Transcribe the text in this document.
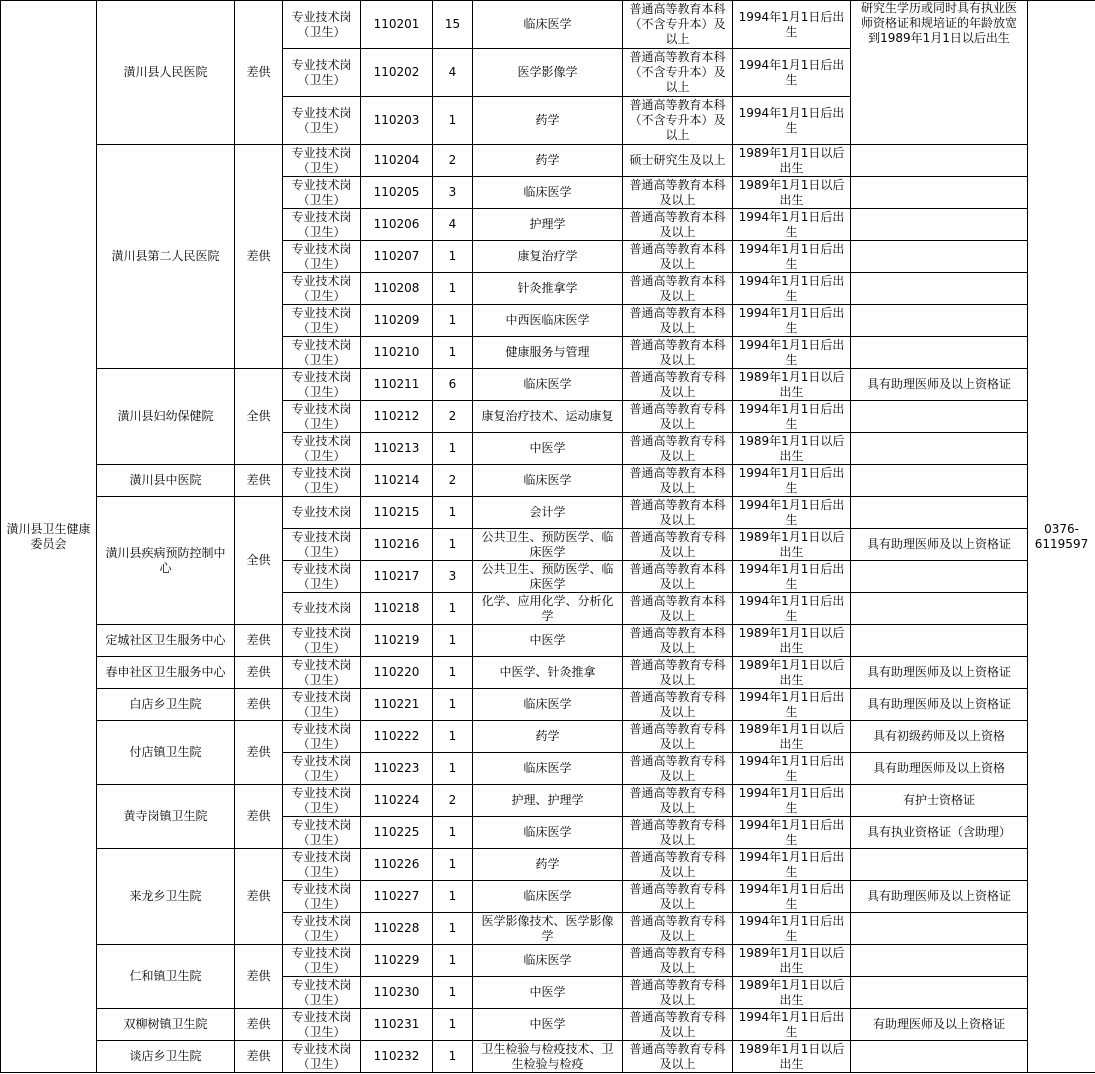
潢川县卫生健康委员会	潢川县人民医院	差供	专业技术岗
（卫生）	110201	15	临床医学	普通高等教育本科
（不含专升本）及
以上	1994年1月1日后出
生	研究生学历或同时具有执业医
师资格证和规培证的年龄放宽
到1989年1月1日以后出生	0376-
6119597
			专业技术岗
（卫生）	110202	4	医学影像学	普通高等教育本科
（不含专升本）及
以上	1994年1月1日后出
生		
			专业技术岗
（卫生）	110203	1	药学	普通高等教育本科
（不含专升本）及
以上	1994年1月1日后出
生		
	潢川县第二人民医院	差供	专业技术岗
（卫生）	110204	2	药学	硕士研究生及以上	1989年1月1日以后
出生		
			专业技术岗
（卫生）	110205	3	临床医学	普通高等教育本科
及以上	1989年1月1日以后
出生		
			专业技术岗
（卫生）	110206	4	护理学	普通高等教育本科
及以上	1994年1月1日后出
生		
			专业技术岗
（卫生）	110207	1	康复治疗学	普通高等教育本科
及以上	1994年1月1日后出
生		
			专业技术岗
（卫生）	110208	1	针灸推拿学	普通高等教育本科
及以上	1994年1月1日后出
生		
			专业技术岗
（卫生）	110209	1	中西医临床医学	普通高等教育本科
及以上	1994年1月1日后出
生		
			专业技术岗
（卫生）	110210	1	健康服务与管理	普通高等教育本科
及以上	1994年1月1日后出
生		
	潢川县妇幼保健院	全供	专业技术岗
（卫生）	110211	6	临床医学	普通高等教育专科
及以上	1989年1月1日以后
出生	具有助理医师及以上资格证	
			专业技术岗
（卫生）	110212	2	康复治疗技术、运动康复	普通高等教育专科
及以上	1994年1月1日后出
生		
			专业技术岗
（卫生）	110213	1	中医学	普通高等教育专科
及以上	1989年1月1日以后
出生		
	潢川县中医院	差供	专业技术岗
（卫生）	110214	2	临床医学	普通高等教育本科
及以上	1994年1月1日后出
生		
	潢川县疾病预防控制中
心	全供	专业技术岗	110215	1	会计学	普通高等教育本科
及以上	1994年1月1日后出
生		
			专业技术岗
（卫生）	110216	1	公共卫生、预防医学、临
床医学	普通高等教育专科
及以上	1989年1月1日以后
出生	具有助理医师及以上资格证	
			专业技术岗
（卫生）	110217	3	公共卫生、预防医学、临
床医学	普通高等教育本科
及以上	1994年1月1日后出
生		
			专业技术岗	110218	1	化学、应用化学、分析化
学	普通高等教育本科
及以上	1994年1月1日后出
生		
	定城社区卫生服务中心	差供	专业技术岗
（卫生）	110219	1	中医学	普通高等教育本科
及以上	1989年1月1日以后
出生		
	春申社区卫生服务中心	差供	专业技术岗
（卫生）	110220	1	中医学、针灸推拿	普通高等教育专科
及以上	1989年1月1日以后
出生	具有助理医师及以上资格证	
	白店乡卫生院	差供	专业技术岗
（卫生）	110221	1	临床医学	普通高等教育专科
及以上	1994年1月1日后出
生	具有助理医师及以上资格证	
	付店镇卫生院	差供	专业技术岗
（卫生）	110222	1	药学	普通高等教育专科
及以上	1989年1月1日以后
出生	具有初级药师及以上资格	
			专业技术岗
（卫生）	110223	1	临床医学	普通高等教育专科
及以上	1994年1月1日后出
生	具有助理医师及以上资格	
	黄寺岗镇卫生院	差供	专业技术岗
（卫生）	110224	2	护理、护理学	普通高等教育专科
及以上	1994年1月1日后出
生	有护士资格证	
			专业技术岗
（卫生）	110225	1	临床医学	普通高等教育专科
及以上	1994年1月1日后出
生	具有执业资格证（含助理）	
	来龙乡卫生院	差供	专业技术岗
（卫生）	110226	1	药学	普通高等教育专科
及以上	1994年1月1日后出
生		
			专业技术岗
（卫生）	110227	1	临床医学	普通高等教育专科
及以上	1994年1月1日后出
生	具有助理医师及以上资格证	
			专业技术岗
（卫生）	110228	1	医学影像技术、医学影像
学	普通高等教育专科
及以上	1994年1月1日后出
生		
	仁和镇卫生院	差供	专业技术岗
（卫生）	110229	1	临床医学	普通高等教育专科
及以上	1989年1月1日以后
出生		
			专业技术岗
（卫生）	110230	1	中医学	普通高等教育专科
及以上	1989年1月1日以后
出生		
	双柳树镇卫生院	差供	专业技术岗
（卫生）	110231	1	中医学	普通高等教育专科
及以上	1994年1月1日后出
生	有助理医师及以上资格证	
	谈店乡卫生院	差供	专业技术岗
（卫生）	110232	1	卫生检验与检疫技术、卫
生检验与检疫	普通高等教育专科
及以上	1989年1月1日以后
出生		
